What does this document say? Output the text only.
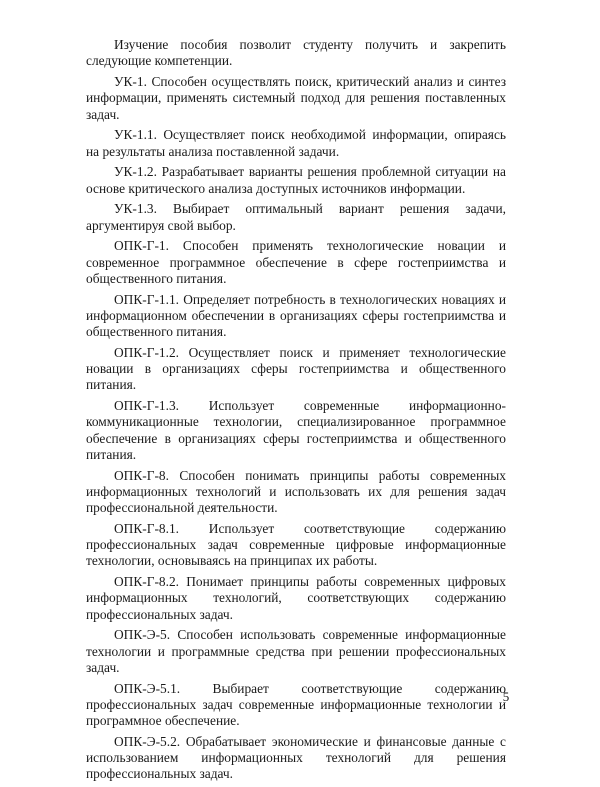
Изучение пособия позволит студенту получить и закрепить следующие компетенции.

УК-1. Способен осуществлять поиск, критический анализ и синтез информации, применять системный подход для решения поставленных задач.

УК-1.1. Осуществляет поиск необходимой информации, опираясь на результаты анализа поставленной задачи.

УК-1.2. Разрабатывает варианты решения проблемной ситуации на основе критического анализа доступных источников информации.

УК-1.3. Выбирает оптимальный вариант решения задачи, аргументируя свой выбор.

ОПК-Г-1. Способен применять технологические новации и современное программное обеспечение в сфере гостеприимства и общественного питания.

ОПК-Г-1.1. Определяет потребность в технологических новациях и информационном обеспечении в организациях сферы гостеприимства и общественного питания.

ОПК-Г-1.2. Осуществляет поиск и применяет технологические новации в организациях сферы гостеприимства и общественного питания.

ОПК-Г-1.3. Использует современные информационно-коммуникационные технологии, специализированное программное обеспечение в организациях сферы гостеприимства и общественного питания.

ОПК-Г-8. Способен понимать принципы работы современных информационных технологий и использовать их для решения задач профессиональной деятельности.

ОПК-Г-8.1. Использует соответствующие содержанию профессиональных задач современные цифровые информационные технологии, основываясь на принципах их работы.

ОПК-Г-8.2. Понимает принципы работы современных цифровых информационных технологий, соответствующих содержанию профессиональных задач.

ОПК-Э-5. Способен использовать современные информационные технологии и программные средства при решении профессиональных задач.

ОПК-Э-5.1. Выбирает соответствующие содержанию профессиональных задач современные информационные технологии и программное обеспечение.

ОПК-Э-5.2. Обрабатывает экономические и финансовые данные с использованием информационных технологий для решения профессиональных задач.

5
